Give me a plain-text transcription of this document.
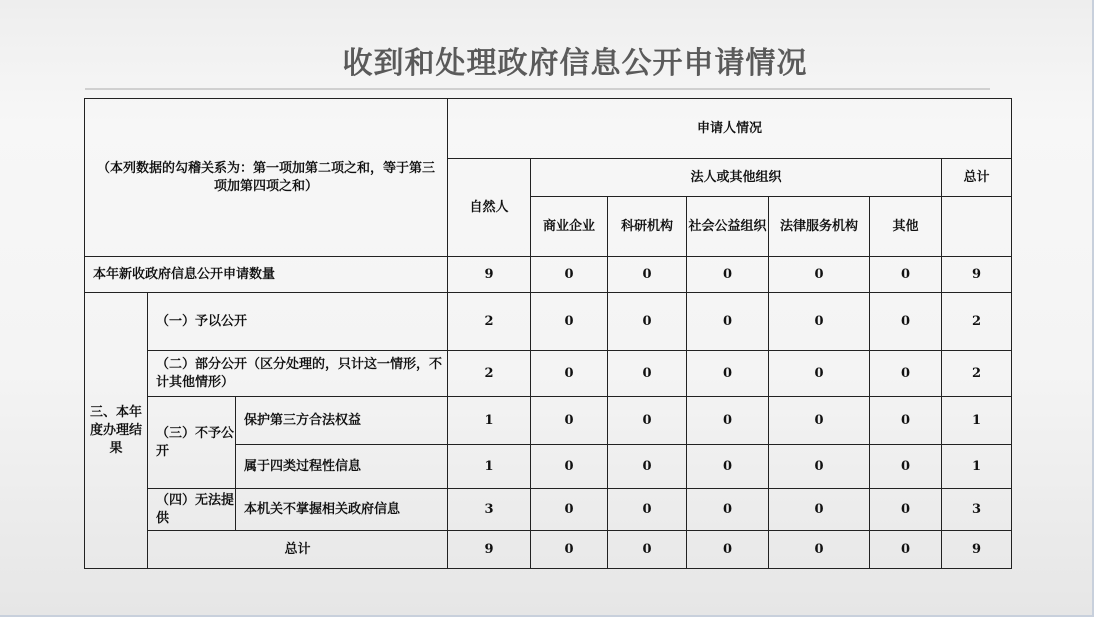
收到和处理政府信息公开申请情况
（本列数据的勾稽关系为：第一项加第二项之和，等于第三项加第四项之和）			申请人情况						
			自然人	法人或其他组织					总计
				商业企业	科研机构	社会公益组织	法律服务机构	其他	
本年新收政府信息公开申请数量			9	0	0	0	0	0	9
三、本年度办理结果	（一）予以公开		2	0	0	0	0	0	2
	（二）部分公开（区分处理的，只计这一情形，不计其他情形）		2	0	0	0	0	0	2
	（三）不予公开	保护第三方合法权益	1	0	0	0	0	0	1
		属于四类过程性信息	1	0	0	0	0	0	1
	（四）无法提供	本机关不掌握相关政府信息	3	0	0	0	0	0	3
	总计		9	0	0	0	0	0	9
